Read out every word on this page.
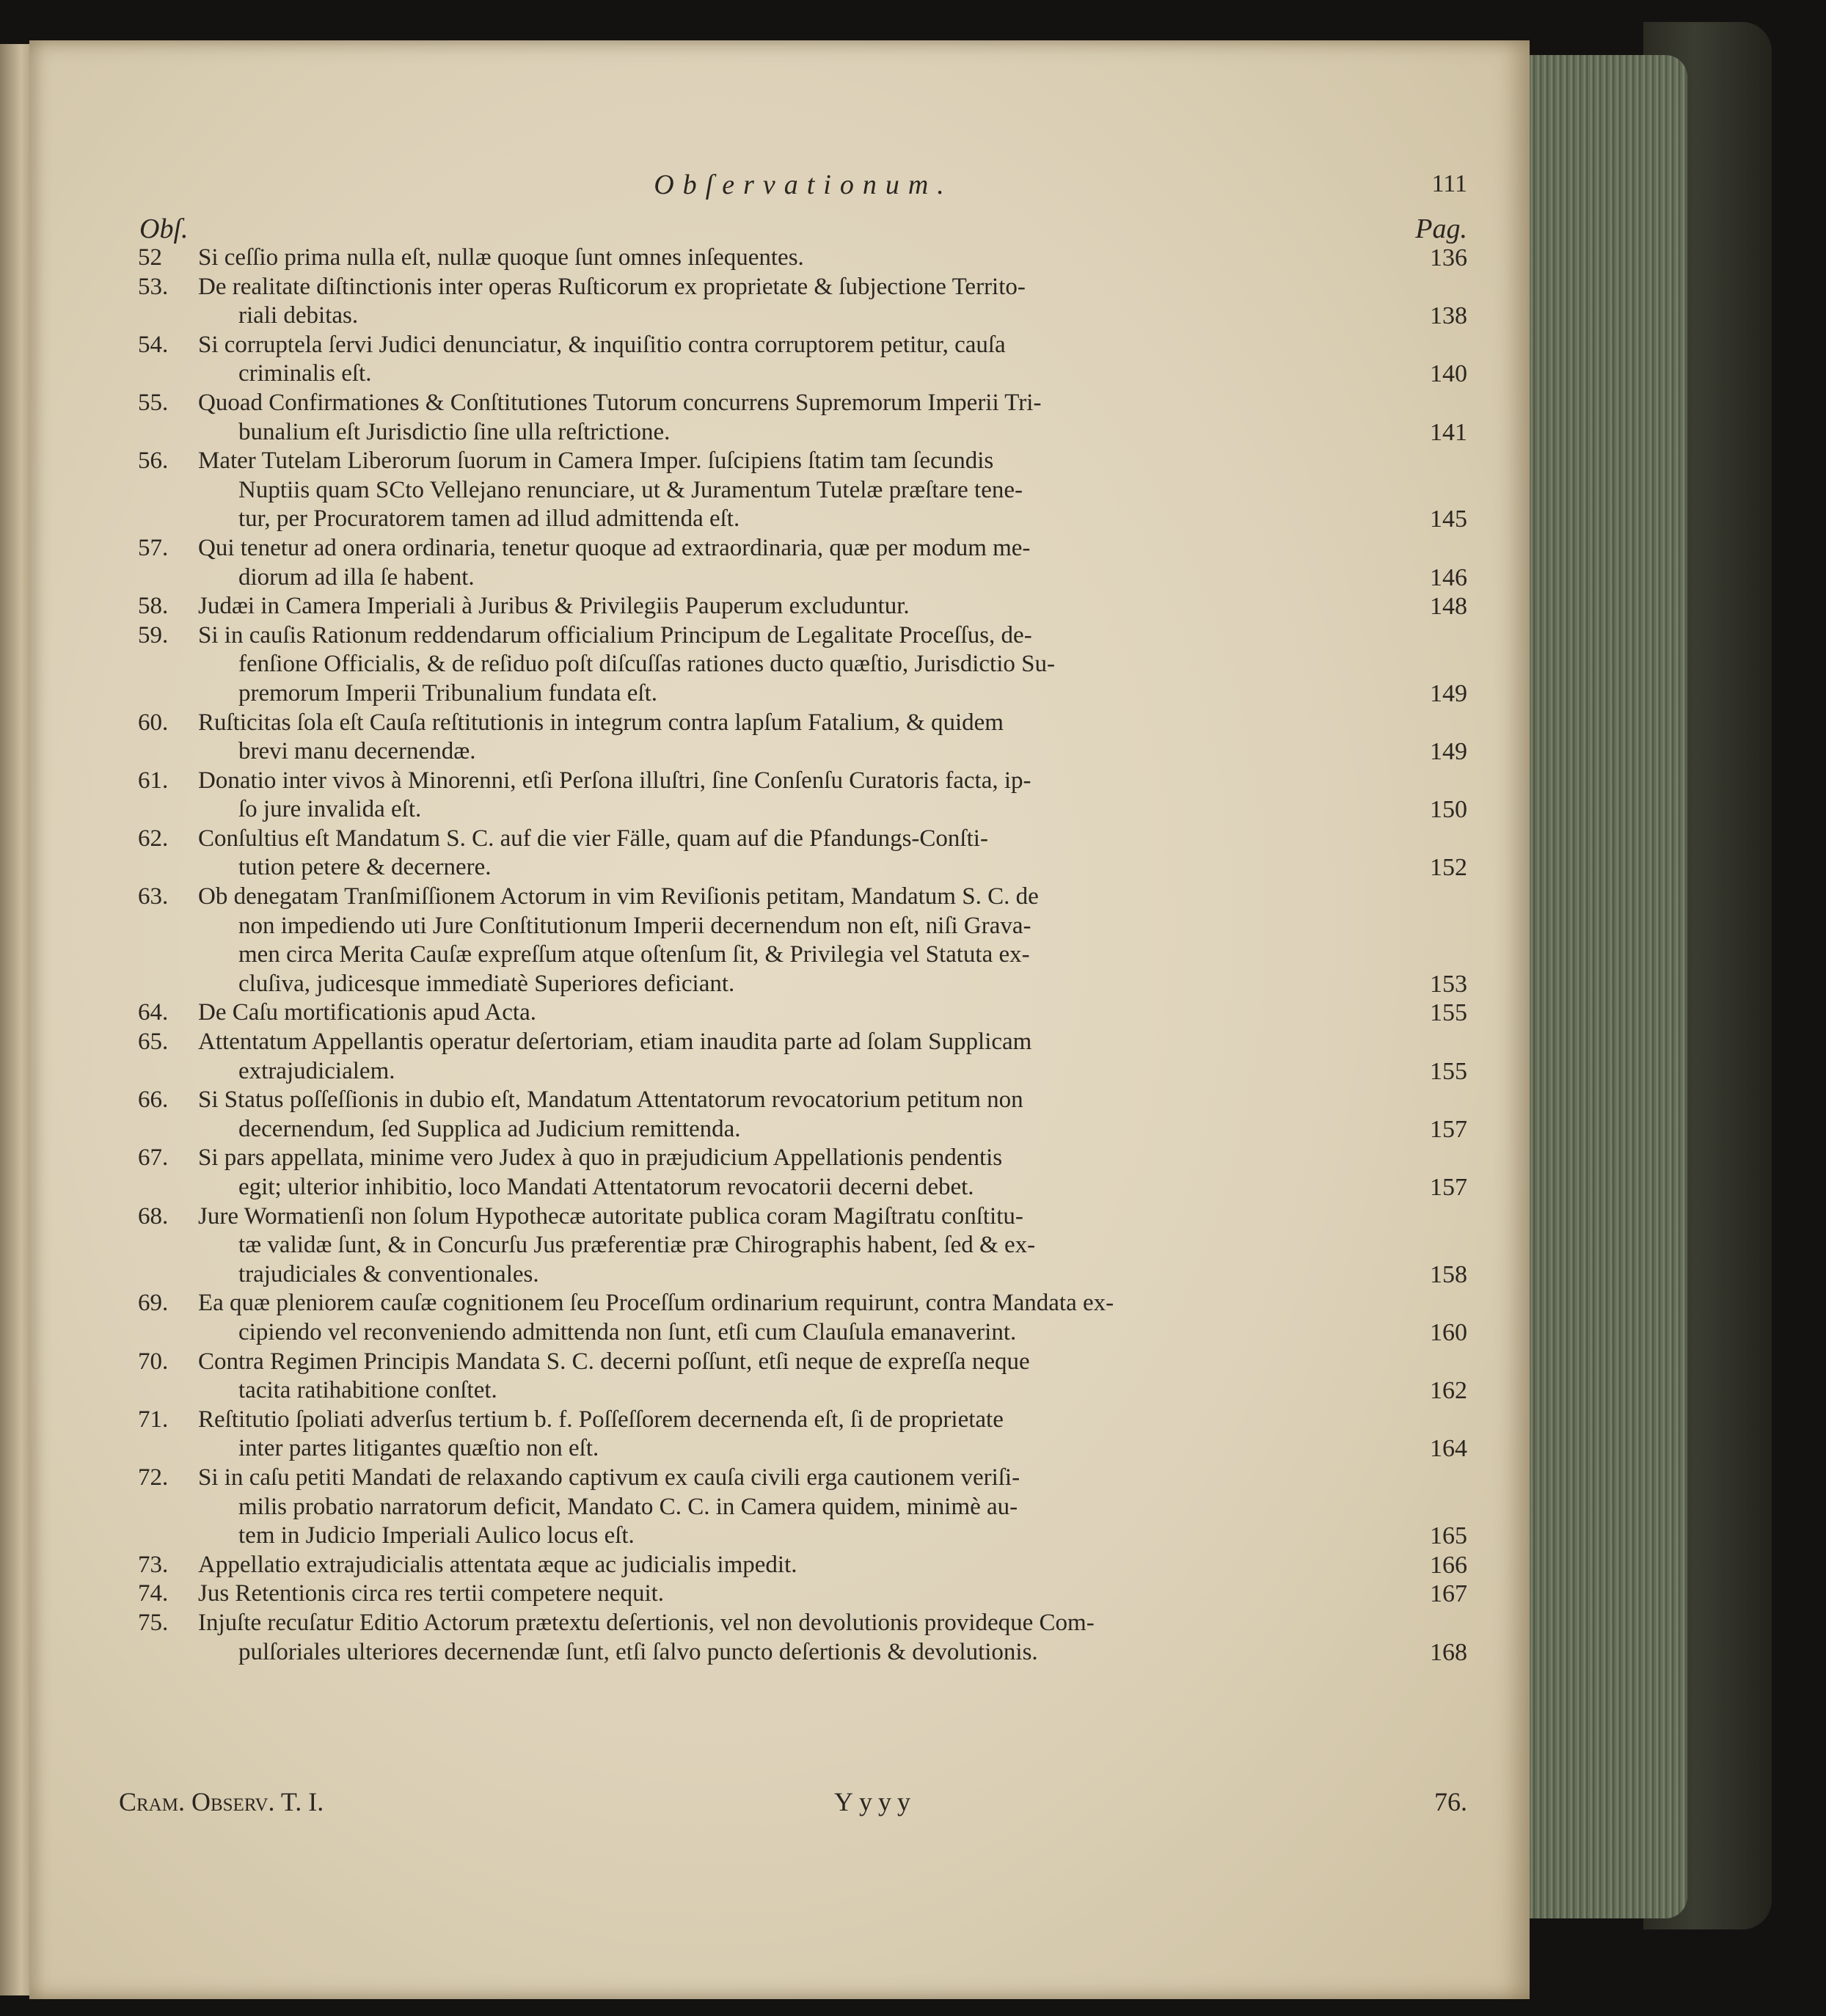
Obſervationum.	111
Obſ.	Pag.
52	Si ceſſio prima nulla eſt, nullæ quoque ſunt omnes inſequentes.	136
53.	De realitate diſtinctionis inter operas Ruſticorum ex proprietate & ſubjectione Territo-
riali debitas.	138
54.	Si corruptela ſervi Judici denunciatur, & inquiſitio contra corruptorem petitur, cauſa
criminalis eſt.	140
55.	Quoad Confirmationes & Conſtitutiones Tutorum concurrens Supremorum Imperii Tri-
bunalium eſt Jurisdictio ſine ulla reſtrictione.	141
56.	Mater Tutelam Liberorum ſuorum in Camera Imper. ſuſcipiens ſtatim tam ſecundis
Nuptiis quam SCto Vellejano renunciare, ut & Juramentum Tutelæ præſtare tene-
tur, per Procuratorem tamen ad illud admittenda eſt.	145
57.	Qui tenetur ad onera ordinaria, tenetur quoque ad extraordinaria, quæ per modum me-
diorum ad illa ſe habent.	146
58.	Judæi in Camera Imperiali à Juribus & Privilegiis Pauperum excluduntur.	148
59.	Si in cauſis Rationum reddendarum officialium Principum de Legalitate Proceſſus, de-
fenſione Officialis, & de reſiduo poſt diſcuſſas rationes ducto quæſtio, Jurisdictio Su-
premorum Imperii Tribunalium fundata eſt.	149
60.	Ruſticitas ſola eſt Cauſa reſtitutionis in integrum contra lapſum Fatalium, & quidem
brevi manu decernendæ.	149
61.	Donatio inter vivos à Minorenni, etſi Perſona illuſtri, ſine Conſenſu Curatoris facta, ip-
ſo jure invalida eſt.	150
62.	Conſultius eſt Mandatum S. C. auf die vier Fälle, quam auf die Pfandungs-Conſti-
tution petere & decernere.	152
63.	Ob denegatam Tranſmiſſionem Actorum in vim Reviſionis petitam, Mandatum S. C. de
non impediendo uti Jure Conſtitutionum Imperii decernendum non eſt, niſi Grava-
men circa Merita Cauſæ expreſſum atque oſtenſum ſit, & Privilegia vel Statuta ex-
cluſiva, judicesque immediatè Superiores deficiant.	153
64.	De Caſu mortificationis apud Acta.	155
65.	Attentatum Appellantis operatur deſertoriam, etiam inaudita parte ad ſolam Supplicam
extrajudicialem.	155
66.	Si Status poſſeſſionis in dubio eſt, Mandatum Attentatorum revocatorium petitum non
decernendum, ſed Supplica ad Judicium remittenda.	157
67.	Si pars appellata, minime vero Judex à quo in præjudicium Appellationis pendentis
egit; ulterior inhibitio, loco Mandati Attentatorum revocatorii decerni debet.	157
68.	Jure Wormatienſi non ſolum Hypothecæ autoritate publica coram Magiſtratu conſtitu-
tæ validæ ſunt, & in Concurſu Jus præferentiæ præ Chirographis habent, ſed & ex-
trajudiciales & conventionales.	158
69.	Ea quæ pleniorem cauſæ cognitionem ſeu Proceſſum ordinarium requirunt, contra Mandata ex-
cipiendo vel reconveniendo admittenda non ſunt, etſi cum Clauſula emanaverint.	160
70.	Contra Regimen Principis Mandata S. C. decerni poſſunt, etſi neque de expreſſa neque
tacita ratihabitione conſtet.	162
71.	Reſtitutio ſpoliati adverſus tertium b. f. Poſſeſſorem decernenda eſt, ſi de proprietate
inter partes litigantes quæſtio non eſt.	164
72.	Si in caſu petiti Mandati de relaxando captivum ex cauſa civili erga cautionem veriſi-
milis probatio narratorum deficit, Mandato C. C. in Camera quidem, minimè au-
tem in Judicio Imperiali Aulico locus eſt.	165
73.	Appellatio extrajudicialis attentata æque ac judicialis impedit.	166
74.	Jus Retentionis circa res tertii competere nequit.	167
75.	Injuſte recuſatur Editio Actorum prætextu deſertionis, vel non devolutionis provideque Com-
pulſoriales ulteriores decernendæ ſunt, etſi ſalvo puncto deſertionis & devolutionis.	168
Cram. Obſerv. T. I.	Yyyy	76.
